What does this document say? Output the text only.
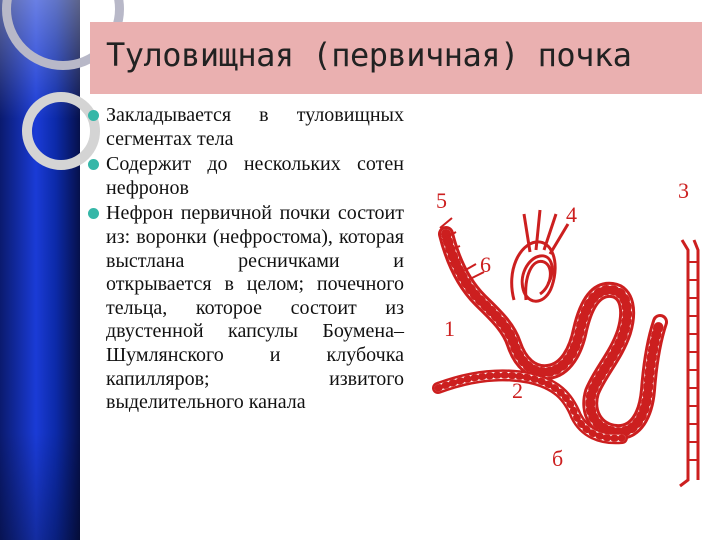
Туловищная (первичная) почка
Закладывается в туловищных сегментах тела
Содержит до нескольких сотен нефронов
Нефрон первичной почки состоит из: воронки (нефростома), которая выстлана ресничками и открывается в целом; почечного тельца, которое состоит из двустенной капсулы Боумена–Шумлянского и клубочка капилляров; извитого выделительного канала
5
4
3
6
1
2
б
